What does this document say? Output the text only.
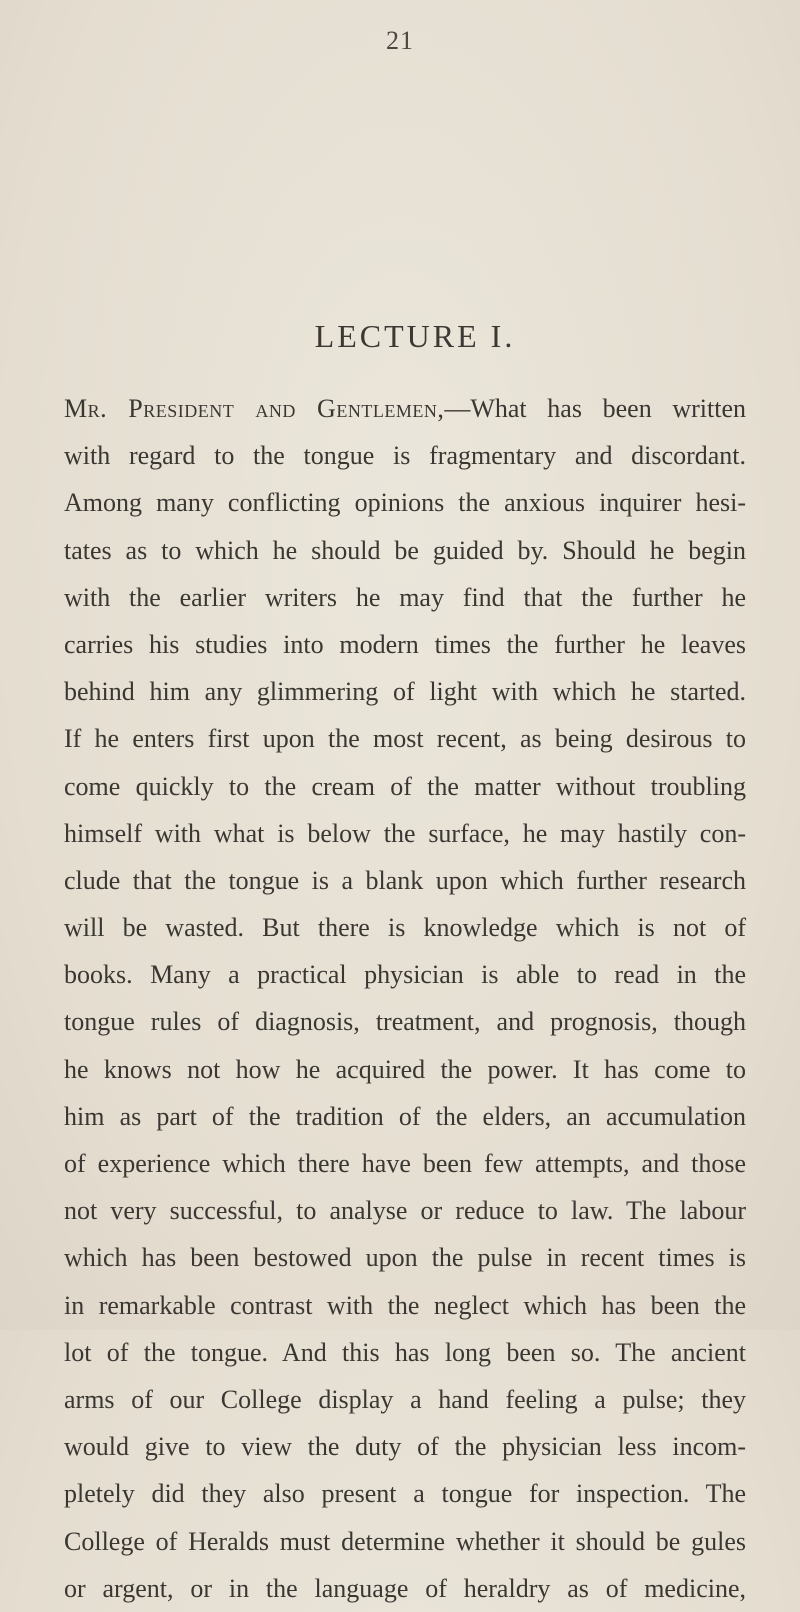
21
LECTURE I.
Mr. President and Gentlemen,—What has been written
with regard to the tongue is fragmentary and discordant.
Among many conflicting opinions the anxious inquirer hesi-
tates as to which he should be guided by. Should he begin
with the earlier writers he may find that the further he
carries his studies into modern times the further he leaves
behind him any glimmering of light with which he started.
If he enters first upon the most recent, as being desirous to
come quickly to the cream of the matter without troubling
himself with what is below the surface, he may hastily con-
clude that the tongue is a blank upon which further research
will be wasted. But there is knowledge which is not of
books. Many a practical physician is able to read in the
tongue rules of diagnosis, treatment, and prognosis, though
he knows not how he acquired the power. It has come to
him as part of the tradition of the elders, an accumulation
of experience which there have been few attempts, and those
not very successful, to analyse or reduce to law. The labour
which has been bestowed upon the pulse in recent times is
in remarkable contrast with the neglect which has been the
lot of the tongue. And this has long been so. The ancient
arms of our College display a hand feeling a pulse; they
would give to view the duty of the physician less incom-
pletely did they also present a tongue for inspection. The
College of Heralds must determine whether it should be gules
or argent, or in the language of heraldry as of medicine,
